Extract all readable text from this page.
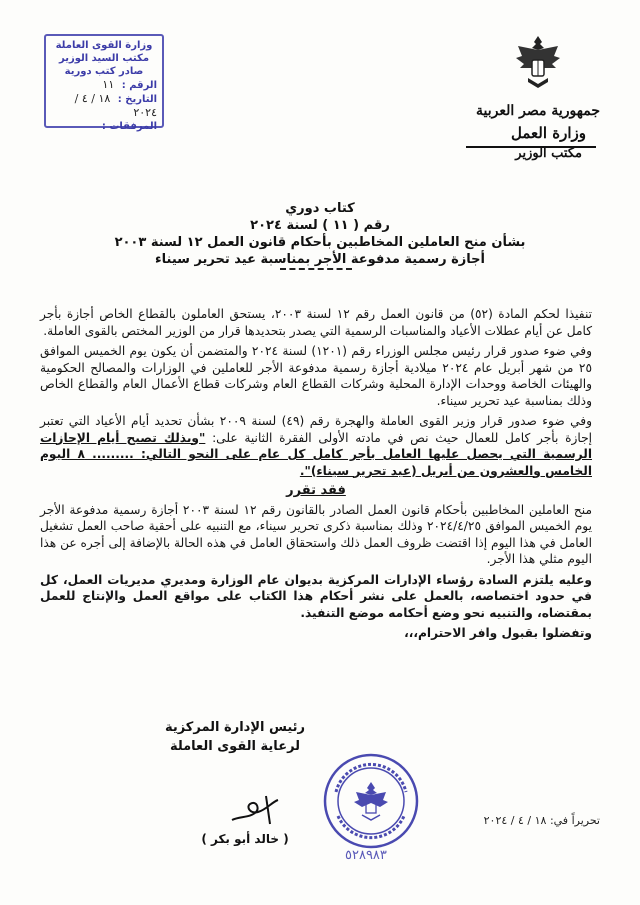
وزارة القوى العاملة
مكتب السيد الوزير
صادر كتب دورية
الرقم : ١١
التاريخ : ١٨ / ٤ / ٢٠٢٤
المرفقات :
جمهورية مصر العربية
وزارة العمل
مكتب الوزير

كتاب دوري

رقم ( ١١ ) لسنة ٢٠٢٤

بشأن منح العاملين المخاطبين بأحكام قانون العمل ١٢ لسنة ٢٠٠٣

أجازة رسمية مدفوعة الأجر بمناسبة عيد تحرير سيناء

تنفيذا لحكم المادة (٥٢) من قانون العمل رقم ١٢ لسنة ٢٠٠٣، يستحق العاملون بالقطاع الخاص أجازة بأجر كامل عن أيام عطلات الأعياد والمناسبات الرسمية التي يصدر بتحديدها قرار من الوزير المختص بالقوى العاملة.

وفي ضوء صدور قرار رئيس مجلس الوزراء رقم (١٢٠١) لسنة ٢٠٢٤ والمتضمن أن يكون يوم الخميس الموافق ٢٥ من شهر أبريل عام ٢٠٢٤ ميلادية أجازة رسمية مدفوعة الأجر للعاملين في الوزارات والمصالح الحكومية والهيئات الخاصة ووحدات الإدارة المحلية وشركات القطاع العام وشركات قطاع الأعمال العام والقطاع الخاص وذلك بمناسبة عيد تحرير سيناء.

وفي ضوء صدور قرار وزير القوى العاملة والهجرة رقم (٤٩) لسنة ٢٠٠٩ بشأن تحديد أيام الأعياد التي تعتبر إجازة بأجر كامل للعمال حيث نص في مادته الأولى الفقرة الثانية على: "وبذلك تصبح أيام الإجازات الرسمية التي يحصل عليها العامل بأجر كامل كل عام على النحو التالي: ......... ٨ اليوم الخامس والعشرون من أبريل (عيد تحرير سيناء)".

فقد تقرر

منح العاملين المخاطبين بأحكام قانون العمل الصادر بالقانون رقم ١٢ لسنة ٢٠٠٣ أجازة رسمية مدفوعة الأجر يوم الخميس الموافق ٢٠٢٤/٤/٢٥ وذلك بمناسبة ذكرى تحرير سيناء، مع التنبيه على أحقية صاحب العمل تشغيل العامل في هذا اليوم إذا اقتضت ظروف العمل ذلك واستحقاق العامل في هذه الحالة بالإضافة إلى أجره عن هذا اليوم مثلي هذا الأجر.

وعليه يلتزم السادة رؤساء الإدارات المركزية بديوان عام الوزارة ومديري مديريات العمل، كل في حدود اختصاصه، بالعمل على نشر أحكام هذا الكتاب على مواقع العمل والإنتاج للعمل بمقتضاه، والتنبيه نحو وضع أحكامه موضع التنفيذ.

وتفضلوا بقبول وافر الاحترام،،،

رئيس الإدارة المركزية
لرعاية القوى العاملة
( خالد أبو بكر )
تحريراً في: ١٨ / ٤ / ٢٠٢٤
٥٢٨٩٨٣
